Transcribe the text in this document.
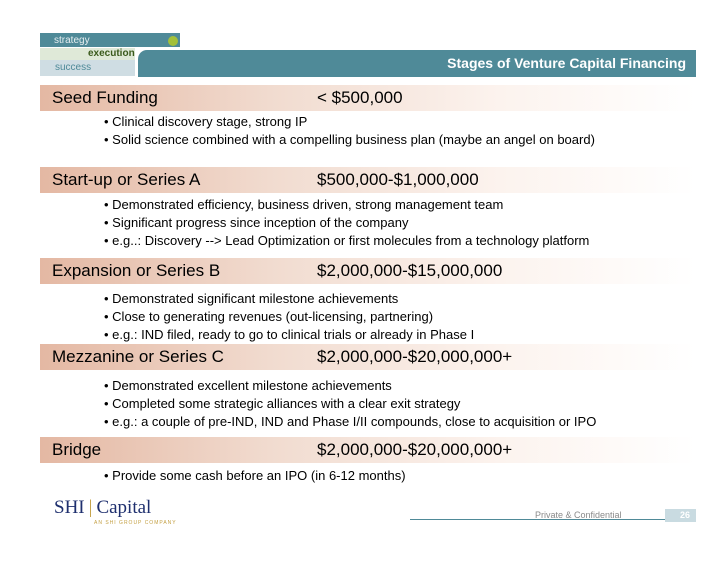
strategy
execution
success	Stages of Venture Capital Financing
Seed Funding	< $500,000
• Clinical discovery stage, strong IP
• Solid science combined with a compelling business plan (maybe an angel on board)
Start-up or Series A	$500,000-$1,000,000
• Demonstrated efficiency, business driven, strong management team
• Significant progress since inception of the company
• e.g..: Discovery --> Lead Optimization or first molecules from a technology platform
Expansion or Series B	$2,000,000-$15,000,000
• Demonstrated significant milestone achievements
• Close to generating revenues (out-licensing, partnering)
• e.g.: IND filed, ready to go to clinical trials or already in Phase I
Mezzanine or Series C	$2,000,000-$20,000,000+
• Demonstrated excellent milestone achievements
• Completed some strategic alliances with a clear exit strategy
• e.g.: a couple of pre-IND, IND and Phase I/II compounds, close to acquisition or IPO
Bridge	$2,000,000-$20,000,000+
• Provide some cash before an IPO (in 6-12 months)
SHI | Capital
AN SHI GROUP COMPANY
Private & Confidential	26
